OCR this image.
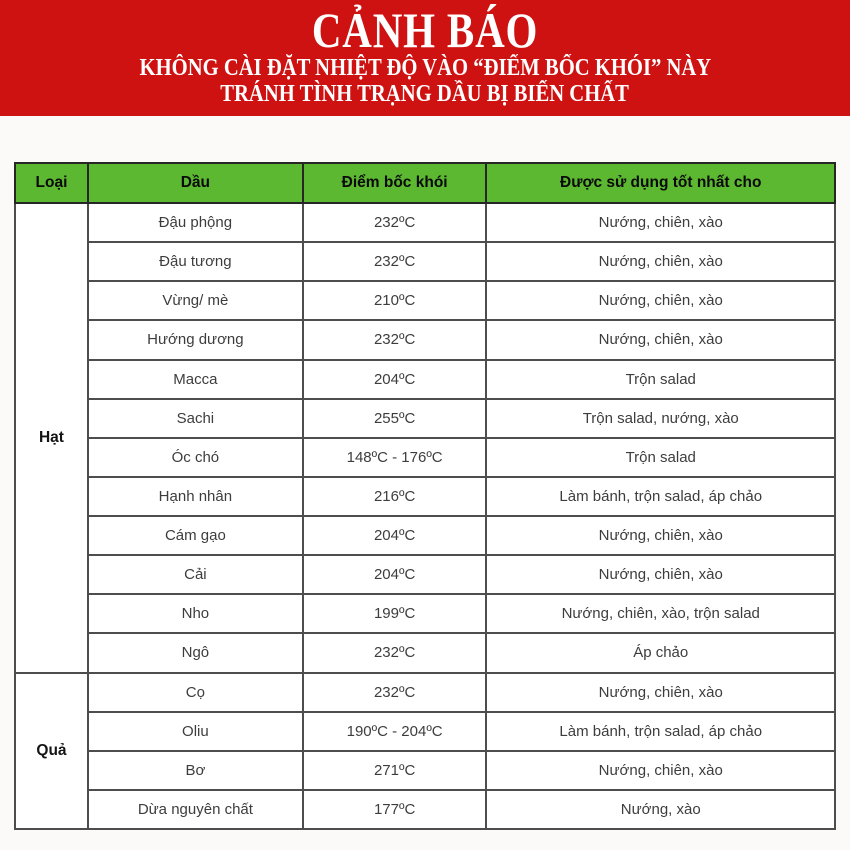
CẢNH BÁO
KHÔNG CÀI ĐẶT NHIỆT ĐỘ VÀO “ĐIỂM BỐC KHÓI” NÀY
TRÁNH TÌNH TRẠNG DẦU BỊ BIẾN CHẤT
Loại	Dầu	Điểm bốc khói	Được sử dụng tốt nhất cho
Hạt	Đậu phộng	232ºC	Nướng, chiên, xào
	Đậu tương	232ºC	Nướng, chiên, xào
	Vừng/ mè	210ºC	Nướng, chiên, xào
	Hướng dương	232ºC	Nướng, chiên, xào
	Macca	204ºC	Trộn salad
	Sachi	255ºC	Trộn salad, nướng, xào
	Óc chó	148ºC - 176ºC	Trộn salad
	Hạnh nhân	216ºC	Làm bánh, trộn salad, áp chảo
	Cám gạo	204ºC	Nướng, chiên, xào
	Cải	204ºC	Nướng, chiên, xào
	Nho	199ºC	Nướng, chiên, xào, trộn salad
	Ngô	232ºC	Áp chảo
Quả	Cọ	232ºC	Nướng, chiên, xào
	Oliu	190ºC - 204ºC	Làm bánh, trộn salad, áp chảo
	Bơ	271ºC	Nướng, chiên, xào
	Dừa nguyên chất	177ºC	Nướng, xào
